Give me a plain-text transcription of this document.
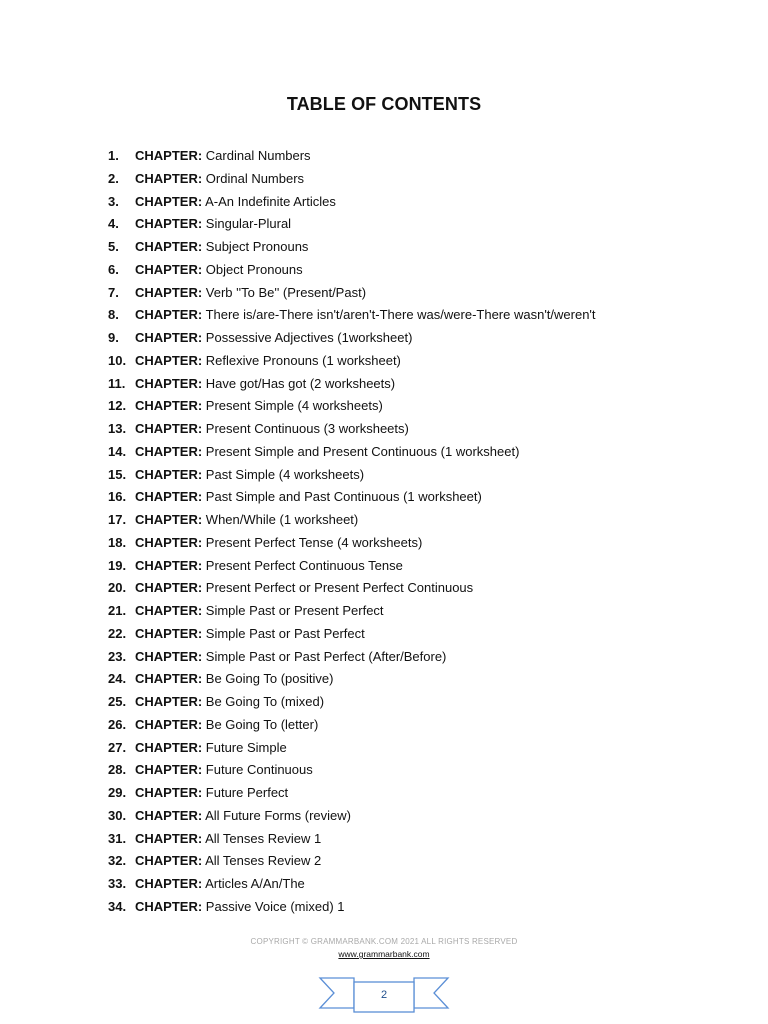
TABLE OF CONTENTS
1. CHAPTER: Cardinal Numbers
2. CHAPTER: Ordinal Numbers
3. CHAPTER: A-An Indefinite Articles
4. CHAPTER: Singular-Plural
5. CHAPTER: Subject Pronouns
6. CHAPTER: Object Pronouns
7. CHAPTER: Verb ''To Be'' (Present/Past)
8. CHAPTER: There is/are-There isn't/aren't-There was/were-There wasn't/weren't
9. CHAPTER: Possessive Adjectives (1worksheet)
10. CHAPTER: Reflexive Pronouns (1 worksheet)
11. CHAPTER: Have got/Has got (2 worksheets)
12. CHAPTER: Present Simple (4 worksheets)
13. CHAPTER: Present Continuous (3 worksheets)
14. CHAPTER: Present Simple and Present Continuous (1 worksheet)
15. CHAPTER: Past Simple (4 worksheets)
16. CHAPTER: Past Simple and Past Continuous (1 worksheet)
17. CHAPTER: When/While (1 worksheet)
18. CHAPTER: Present Perfect Tense (4 worksheets)
19. CHAPTER: Present Perfect Continuous Tense
20. CHAPTER: Present Perfect or Present Perfect Continuous
21. CHAPTER: Simple Past or Present Perfect
22. CHAPTER: Simple Past or Past Perfect
23. CHAPTER: Simple Past or Past Perfect (After/Before)
24. CHAPTER: Be Going To (positive)
25. CHAPTER: Be Going To (mixed)
26. CHAPTER: Be Going To (letter)
27. CHAPTER: Future Simple
28. CHAPTER: Future Continuous
29. CHAPTER: Future Perfect
30. CHAPTER: All Future Forms (review)
31. CHAPTER: All Tenses Review 1
32. CHAPTER: All Tenses Review 2
33. CHAPTER: Articles A/An/The
34. CHAPTER: Passive Voice (mixed) 1
COPYRIGHT © GRAMMARBANK.COM 2021 ALL RIGHTS RESERVED
www.grammarbank.com
2
